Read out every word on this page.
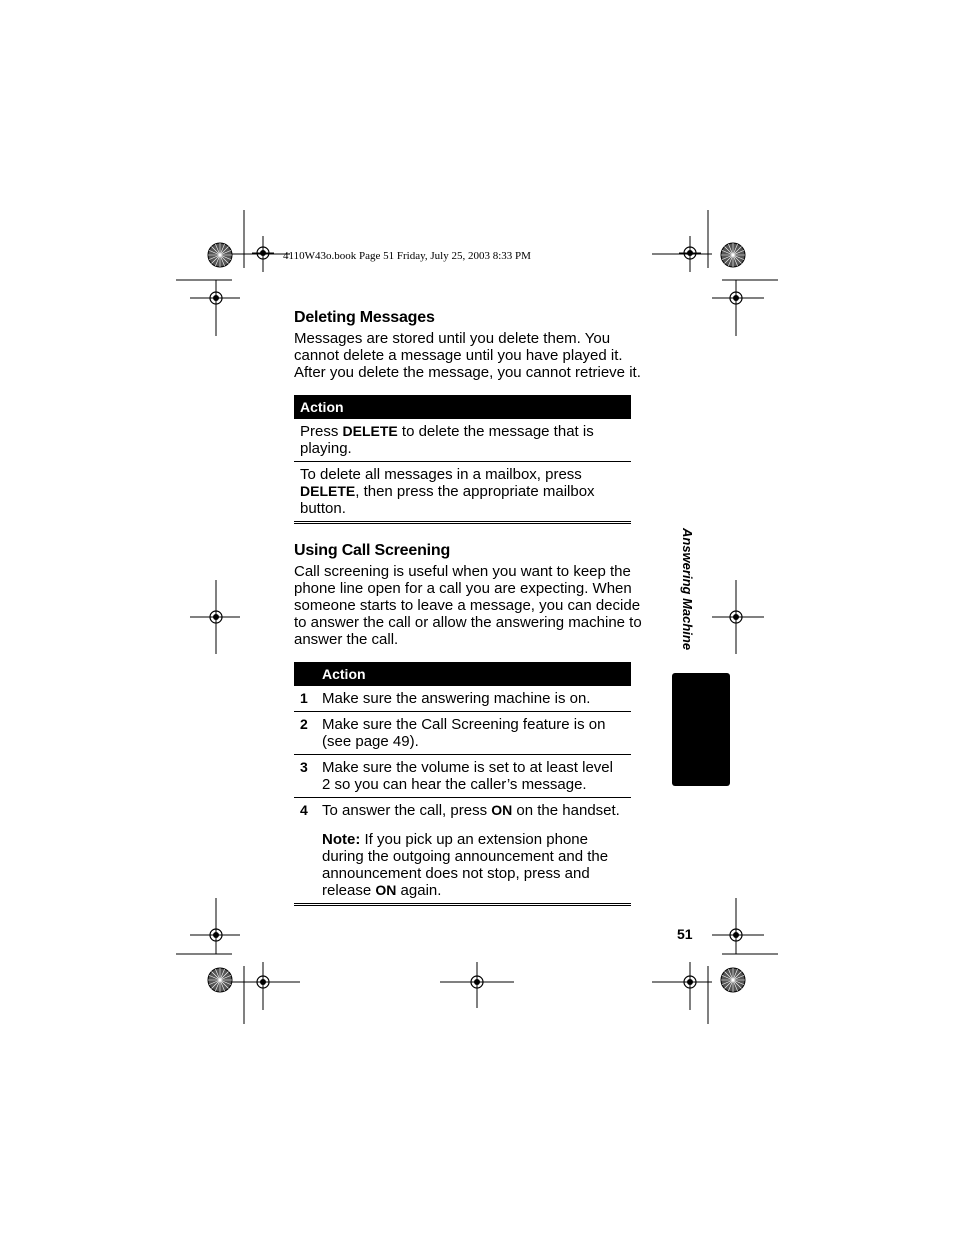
4110W43o.book Page 51 Friday, July 25, 2003 8:33 PM
Deleting Messages

Messages are stored until you delete them. You cannot delete a message until you have played it. After you delete the message, you cannot retrieve it.

Action
Press DELETE to delete the message that is playing.
To delete all messages in a mailbox, press DELETE, then press the appropriate mailbox button.
Using Call Screening

Call screening is useful when you want to keep the phone line open for a call you are expecting. When someone starts to leave a message, you can decide to answer the call or allow the answering machine to answer the call.

	Action
1	Make sure the answering machine is on.
2	Make sure the Call Screening feature is on (see page 49).
3	Make sure the volume is set to at least level 2 so you can hear the caller’s message.
4	To answer the call, press ON on the handset.
Note: If you pick up an extension phone during the outgoing announcement and the announcement does not stop, press and release ON again.
Answering Machine
51
